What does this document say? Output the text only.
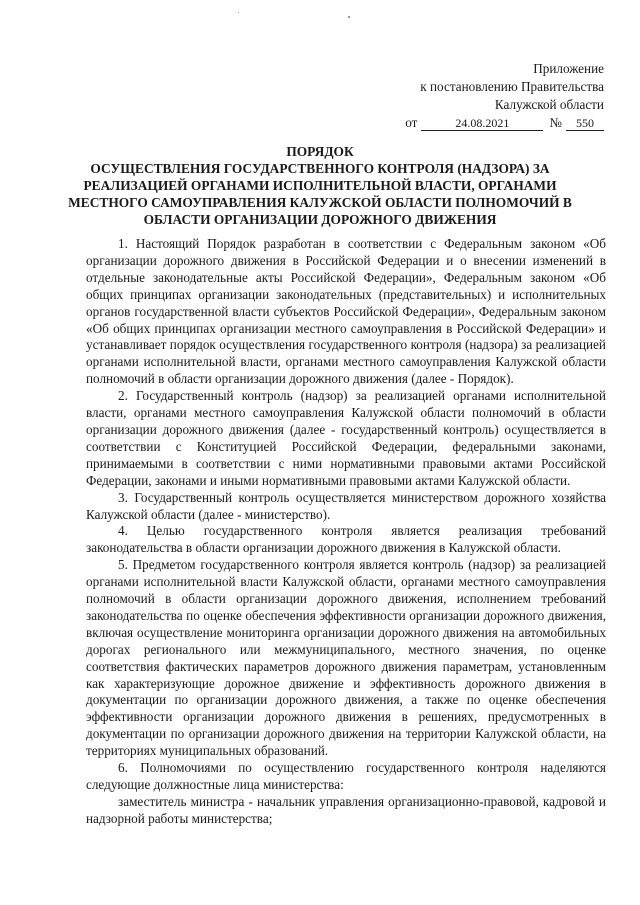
Приложение
к постановлению Правительства
Калужской области
от	24.08.2021	№	550
ПОРЯДОК
ОСУЩЕСТВЛЕНИЯ ГОСУДАРСТВЕННОГО КОНТРОЛЯ (НАДЗОРА) ЗА
РЕАЛИЗАЦИЕЙ ОРГАНАМИ ИСПОЛНИТЕЛЬНОЙ ВЛАСТИ, ОРГАНАМИ
МЕСТНОГО САМОУПРАВЛЕНИЯ КАЛУЖСКОЙ ОБЛАСТИ ПОЛНОМОЧИЙ В
ОБЛАСТИ ОРГАНИЗАЦИИ ДОРОЖНОГО ДВИЖЕНИЯ

1. Настоящий Порядок разработан в соответствии с Федеральным законом «Об организации дорожного движения в Российской Федерации и о внесении изменений в отдельные законодательные акты Российской Федерации», Федеральным законом «Об общих принципах организации законодательных (представительных) и исполнительных органов государственной власти субъектов Российской Федерации», Федеральным законом «Об общих принципах организации местного самоуправления в Российской Федерации» и устанавливает порядок осуществления государственного контроля (надзора) за реализацией органами исполнительной власти, органами местного самоуправления Калужской области полномочий в области организации дорожного движения (далее - Порядок).

2. Государственный контроль (надзор) за реализацией органами исполнительной власти, органами местного самоуправления Калужской области полномочий в области организации дорожного движения (далее - государственный контроль) осуществляется в соответствии с Конституцией Российской Федерации, федеральными законами, принимаемыми в соответствии с ними нормативными правовыми актами Российской Федерации, законами и иными нормативными правовыми актами Калужской области.

3. Государственный контроль осуществляется министерством дорожного хозяйства Калужской области (далее - министерство).

4. Целью государственного контроля является реализация требований законодательства в области организации дорожного движения в Калужской области.

5. Предметом государственного контроля является контроль (надзор) за реализацией органами исполнительной власти Калужской области, органами местного самоуправления полномочий в области организации дорожного движения, исполнением требований законодательства по оценке обеспечения эффективности организации дорожного движения, включая осуществление мониторинга организации дорожного движения на автомобильных дорогах регионального или межмуниципального, местного значения, по оценке соответствия фактических параметров дорожного движения параметрам, установленным как характеризующие дорожное движение и эффективность дорожного движения в документации по организации дорожного движения, а также по оценке обеспечения эффективности организации дорожного движения в решениях, предусмотренных в документации по организации дорожного движения на территории Калужской области, на территориях муниципальных образований.

6. Полномочиями по осуществлению государственного контроля наделяются следующие должностные лица министерства:

заместитель министра - начальник управления организационно-правовой, кадровой и надзорной работы министерства;
